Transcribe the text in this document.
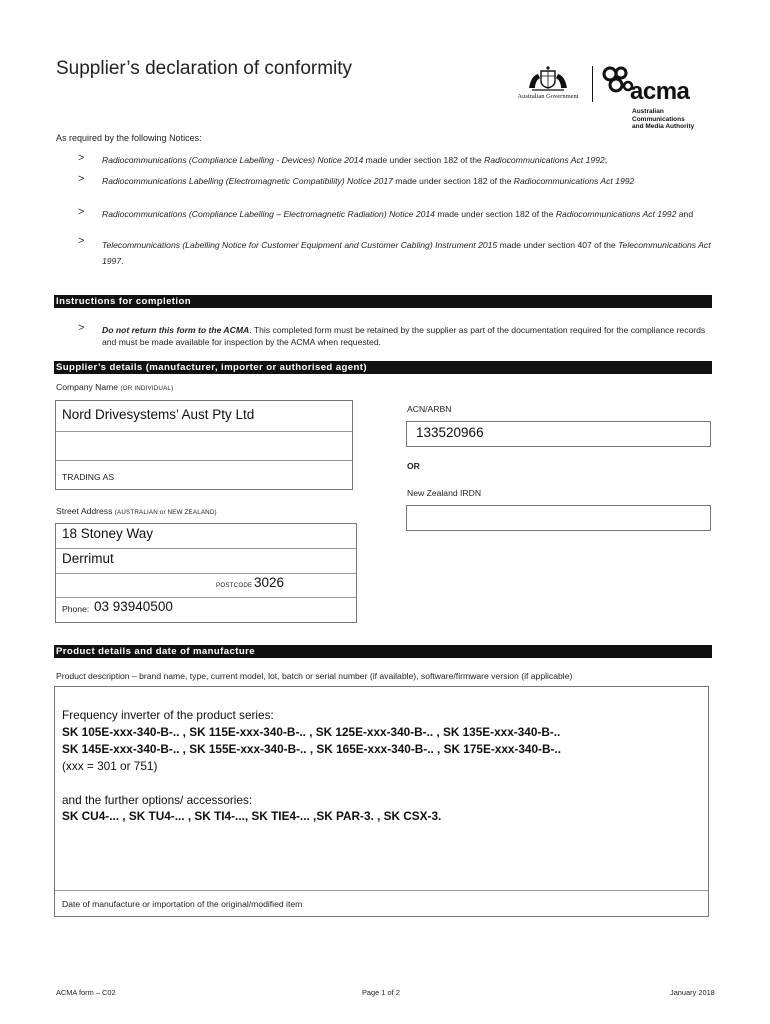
Supplier’s declaration of conformity
Australian Government	acma
Australian
Communications
and Media Authority
As required by the following Notices:
> Radiocommunications (Compliance Labelling - Devices) Notice 2014 made under section 182 of the Radiocommunications Act 1992;
> Radiocommunications Labelling (Electromagnetic Compatibility) Notice 2017 made under section 182 of the Radiocommunications Act 1992
> Radiocommunications (Compliance Labelling – Electromagnetic Radiation) Notice 2014 made under section 182 of the Radiocommunications Act 1992 and
> Telecommunications (Labelling Notice for Customer Equipment and Customer Cabling) Instrument 2015 made under section 407 of the Telecommunications Act 1997.
Instructions for completion
> Do not return this form to the ACMA. This completed form must be retained by the supplier as part of the documentation required for the compliance records and must be made available for inspection by the ACMA when requested.
Supplier’s details (manufacturer, importer or authorised agent)
Company Name (OR INDIVIDUAL)
Nord Drivesystems’ Aust Pty Ltd
TRADING AS
ACN/ARBN
133520966
OR
New Zealand IRDN
Street Address (AUSTRALIAN or NEW ZEALAND)
18 Stoney Way
Derrimut
POSTCODE 3026
Phone: 03 93940500
Product details and date of manufacture
Product description – brand name, type, current model, lot, batch or serial number (if available), software/firmware version (if applicable)
Date of manufacture or importation of the original/modified item
Frequency inverter of the product series:
SK 105E-xxx-340-B-.. , SK 115E-xxx-340-B-.. , SK 125E-xxx-340-B-.. , SK 135E-xxx-340-B-..
SK 145E-xxx-340-B-.. , SK 155E-xxx-340-B-.. , SK 165E-xxx-340-B-.. , SK 175E-xxx-340-B-..
(xxx = 301 or 751)
and the further options/ accessories:
SK CU4-... , SK TU4-... , SK TI4-..., SK TIE4-... ,SK PAR-3. , SK CSX-3.
ACMA form – C02	Page 1 of 2	January 2018
